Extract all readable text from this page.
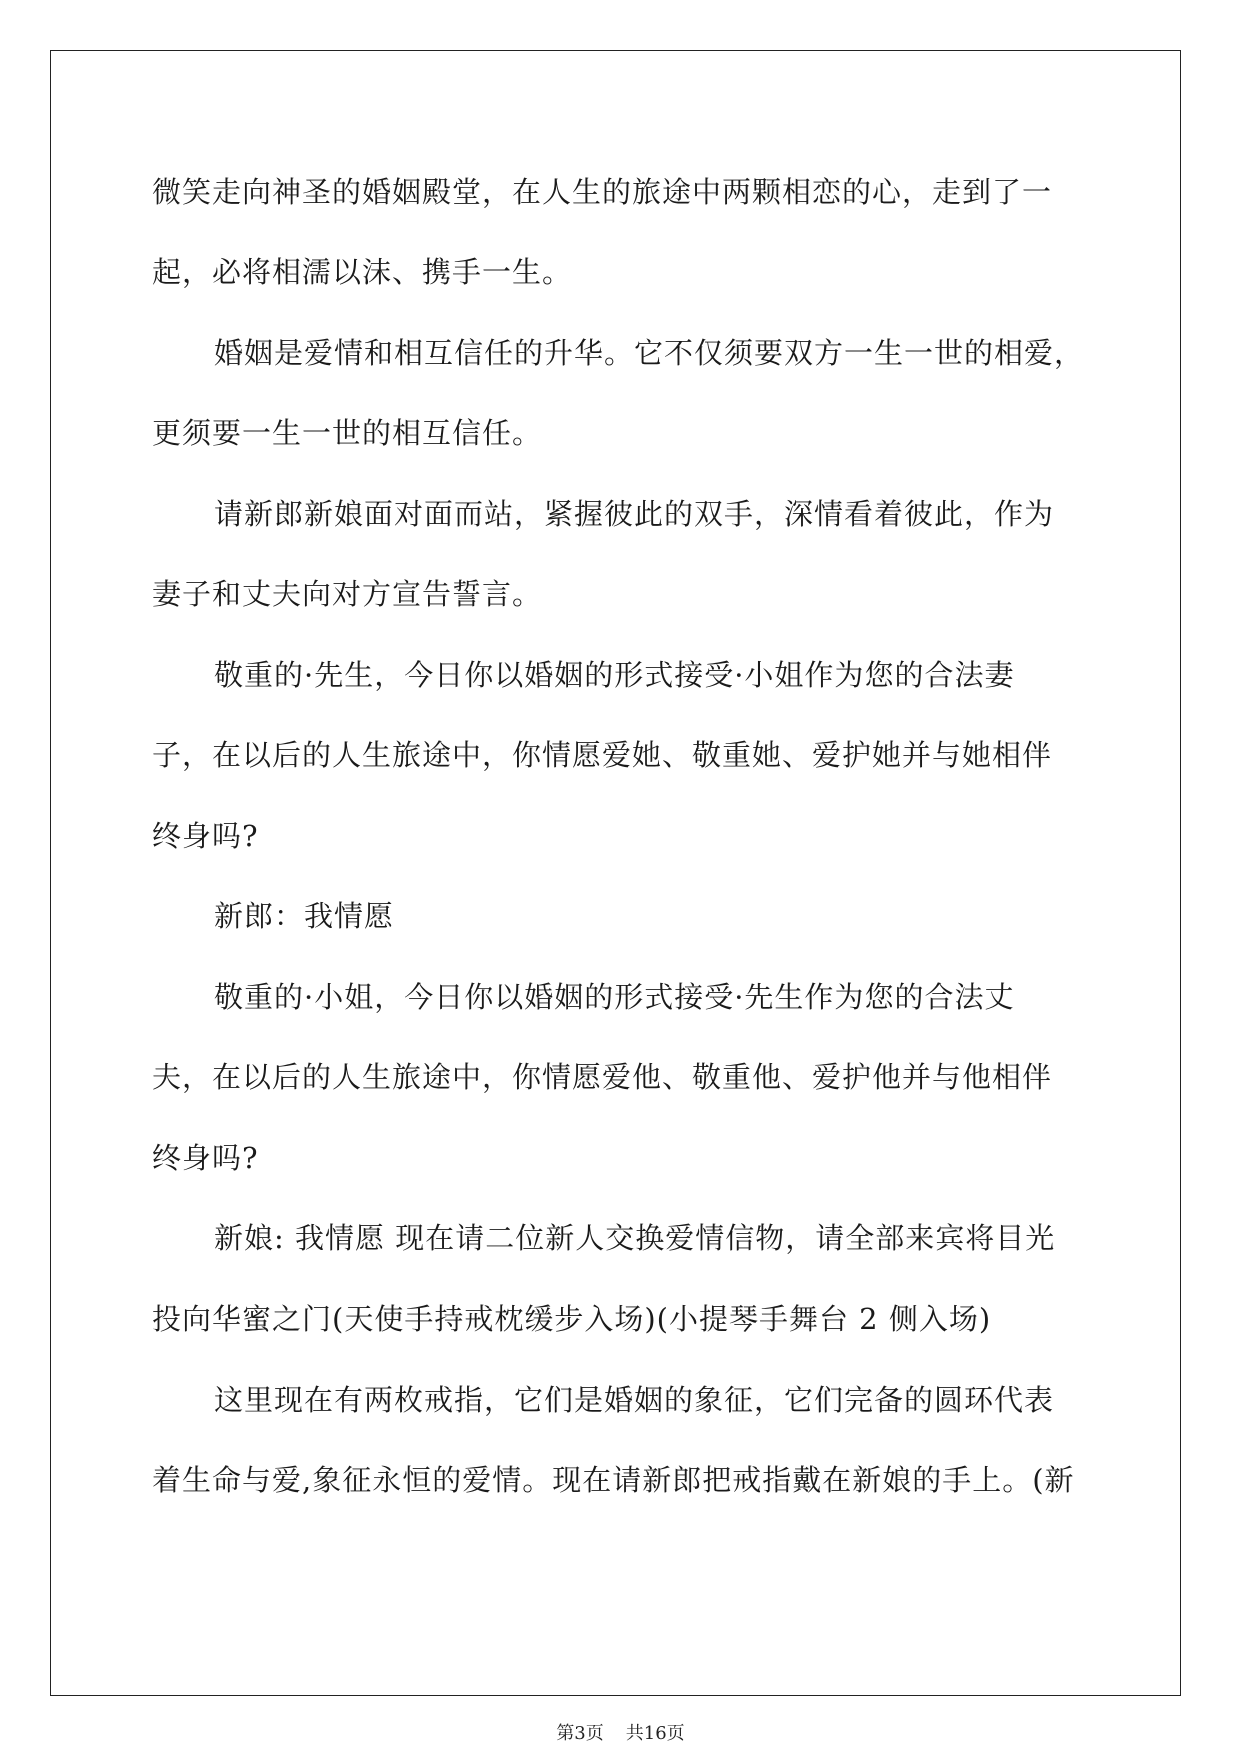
微笑走向神圣的婚姻殿堂，在人生的旅途中两颗相恋的心，走到了一
起，必将相濡以沫、携手一生。
婚姻是爱情和相互信任的升华。它不仅须要双方一生一世的相爱，
更须要一生一世的相互信任。
请新郎新娘面对面而站，紧握彼此的双手，深情看着彼此，作为
妻子和丈夫向对方宣告誓言。
敬重的·先生，今日你以婚姻的形式接受·小姐作为您的合法妻
子，在以后的人生旅途中，你情愿爱她、敬重她、爱护她并与她相伴
终身吗?
新郎：我情愿
敬重的·小姐，今日你以婚姻的形式接受·先生作为您的合法丈
夫，在以后的人生旅途中，你情愿爱他、敬重他、爱护他并与他相伴
终身吗?
新娘: 我情愿 现在请二位新人交换爱情信物，请全部来宾将目光
投向华蜜之门(天使手持戒枕缓步入场)(小提琴手舞台 2 侧入场)
这里现在有两枚戒指，它们是婚姻的象征，它们完备的圆环代表
着生命与爱,象征永恒的爱情。现在请新郎把戒指戴在新娘的手上。(新
第3页 共16页
